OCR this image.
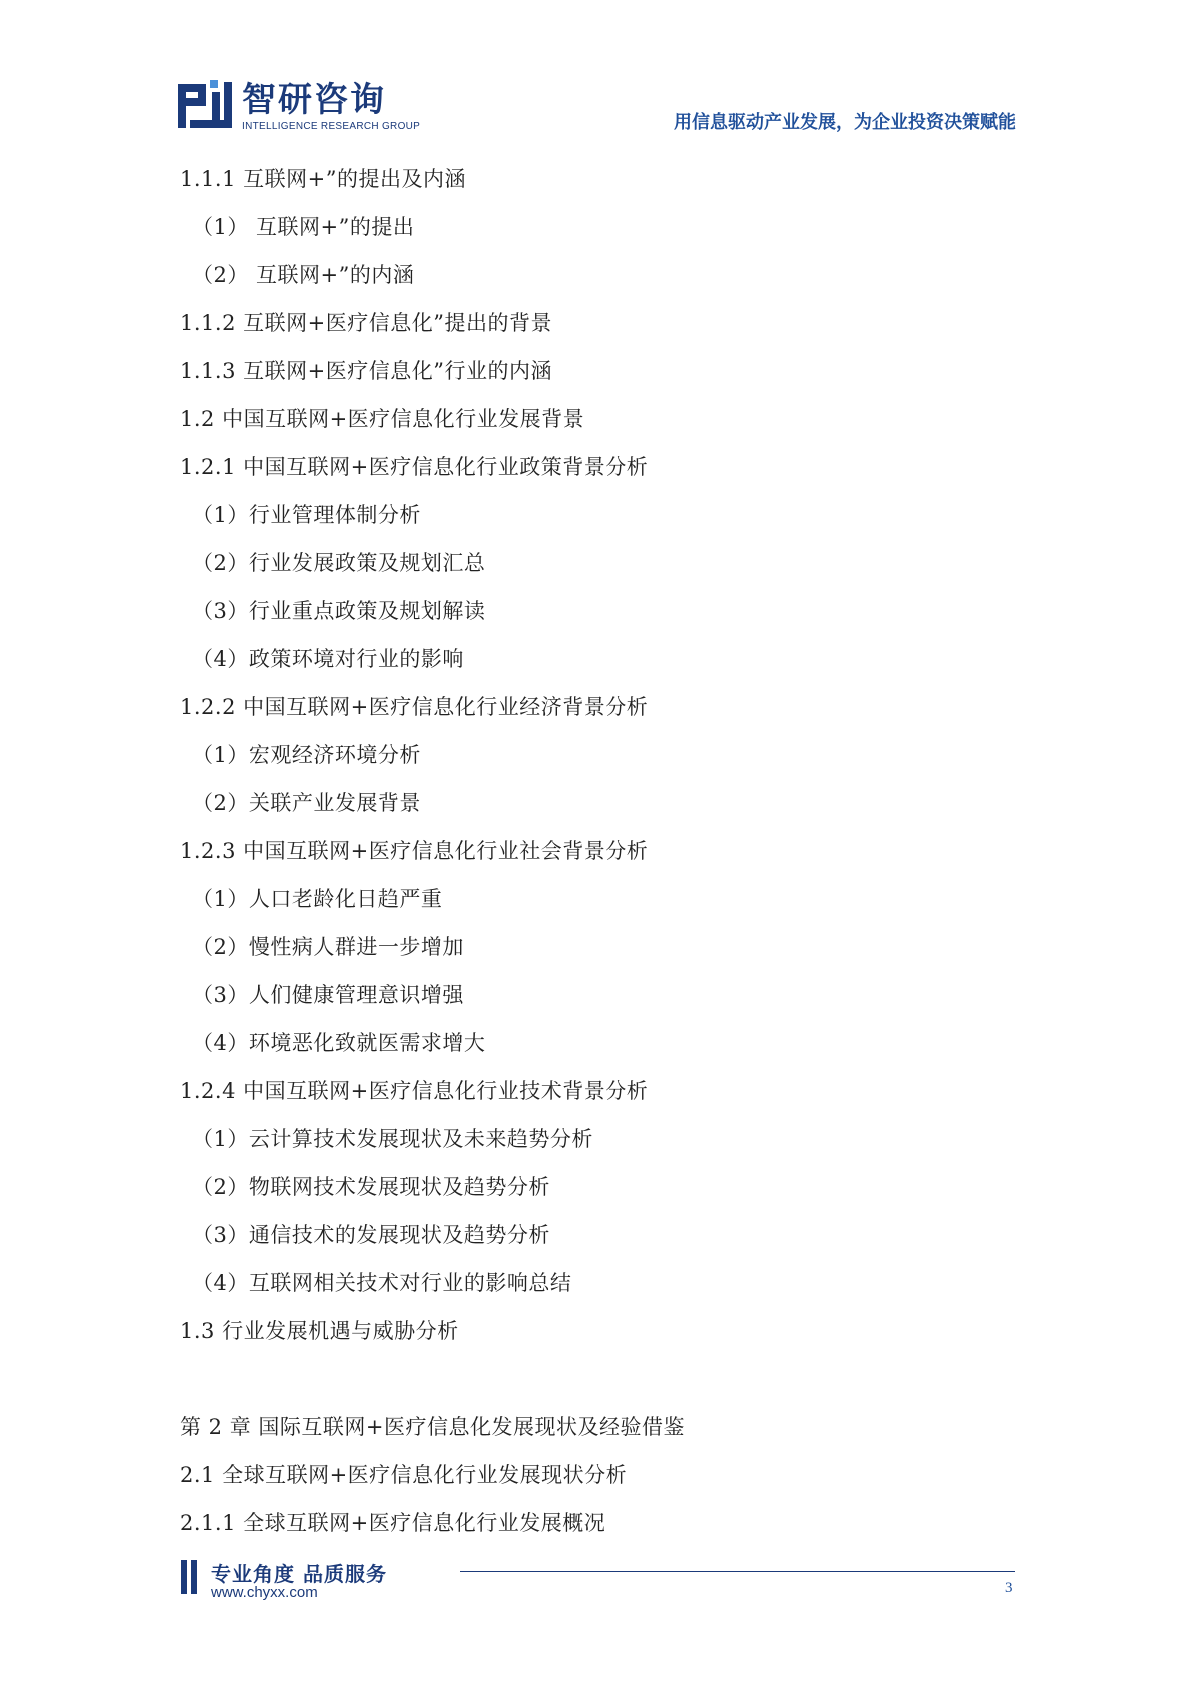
智研咨询
INTELLIGENCE RESEARCH GROUP	用信息驱动产业发展，为企业投资决策赋能
1.1.1 互联网+”的提出及内涵
（1） 互联网+”的提出
（2） 互联网+”的内涵
1.1.2 互联网+医疗信息化”提出的背景
1.1.3 互联网+医疗信息化”行业的内涵
1.2 中国互联网+医疗信息化行业发展背景
1.2.1 中国互联网+医疗信息化行业政策背景分析
（1）行业管理体制分析
（2）行业发展政策及规划汇总
（3）行业重点政策及规划解读
（4）政策环境对行业的影响
1.2.2 中国互联网+医疗信息化行业经济背景分析
（1）宏观经济环境分析
（2）关联产业发展背景
1.2.3 中国互联网+医疗信息化行业社会背景分析
（1）人口老龄化日趋严重
（2）慢性病人群进一步增加
（3）人们健康管理意识增强
（4）环境恶化致就医需求增大
1.2.4 中国互联网+医疗信息化行业技术背景分析
（1）云计算技术发展现状及未来趋势分析
（2）物联网技术发展现状及趋势分析
（3）通信技术的发展现状及趋势分析
（4）互联网相关技术对行业的影响总结
1.3 行业发展机遇与威胁分析
第 2 章 国际互联网+医疗信息化发展现状及经验借鉴
2.1 全球互联网+医疗信息化行业发展现状分析
2.1.1 全球互联网+医疗信息化行业发展概况
专业角度 品质服务
www.chyxx.com	3
